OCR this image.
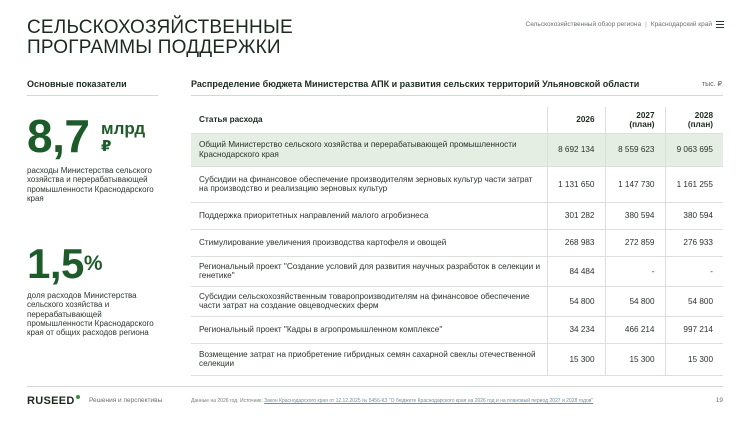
СЕЛЬСКОХОЗЯЙСТВЕННЫЕ
ПРОГРАММЫ ПОДДЕРЖКИ
Сельскохозяйственный обзор региона | Краснодарский край
Основные показатели
8,7 млрд
₽
расходы Министерства сельского хозяйства и перерабатывающей промышленности Краснодарского края
1,5%
доля расходов Министерства сельского хозяйства и перерабатывающей промышленности Краснодарского края от общих расходов региона
Распределение бюджета Министерства АПК и развития сельских территорий Ульяновской области	тыс. ₽
Статья расхода	2026	2027 (план)	2028 (план)
Общий Министерство сельского хозяйства и перерабатывающей промышленности Краснодарского края	8 692 134	8 559 623	9 063 695
Субсидии на финансовое обеспечение производителям зерновых культур части затрат на производство и реализацию зерновых культур	1 131 650	1 147 730	1 161 255
Поддержка приоритетных направлений малого агробизнеса	301 282	380 594	380 594
Стимулирование увеличения производства картофеля и овощей	268 983	272 859	276 933
Региональный проект "Создание условий для развития научных разработок в селекции и генетике"	84 484	-	-
Субсидии сельскохозяйственным товаропроизводителям на финансовое обеспечение части затрат на создание овцеводческих ферм	54 800	54 800	54 800
Региональный проект "Кадры в агропромышленном комплексе"	34 234	466 214	997 214
Возмещение затрат на приобретение гибридных семян сахарной свеклы отечественной селекции	15 300	15 300	15 300
RUSEED	Решения и перспективы	Данные на 2026 год. Источник: Закон Краснодарского края от 12.12.2025 № 5456-КЗ "О бюджете Краснодарского края на 2026 год и на плановый период 2027 и 2028 годов"	19
